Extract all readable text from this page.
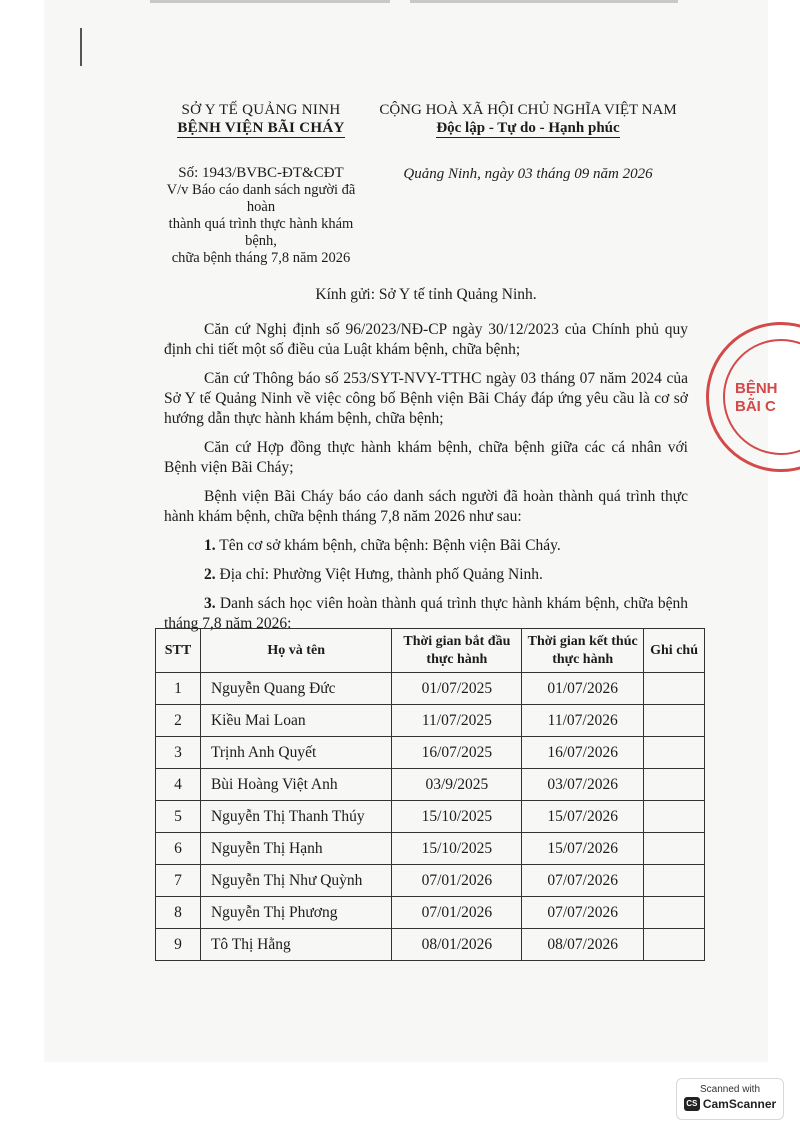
SỞ Y TẾ QUẢNG NINH
BỆNH VIỆN BÃI CHÁY
Số: 1943/BVBC-ĐT&CĐT
V/v Báo cáo danh sách người đã hoàn
thành quá trình thực hành khám bệnh,
chữa bệnh tháng 7,8 năm 2026
CỘNG HOÀ XÃ HỘI CHỦ NGHĨA VIỆT NAM
Độc lập - Tự do - Hạnh phúc
Quảng Ninh, ngày 03 tháng 09 năm 2026
Kính gửi: Sở Y tế tỉnh Quảng Ninh.

Căn cứ Nghị định số 96/2023/NĐ-CP ngày 30/12/2023 của Chính phủ quy định chi tiết một số điều của Luật khám bệnh, chữa bệnh;

Căn cứ Thông báo số 253/SYT-NVY-TTHC ngày 03 tháng 07 năm 2024 của Sở Y tế Quảng Ninh về việc công bố Bệnh viện Bãi Cháy đáp ứng yêu cầu là cơ sở hướng dẫn thực hành khám bệnh, chữa bệnh;

Căn cứ Hợp đồng thực hành khám bệnh, chữa bệnh giữa các cá nhân với Bệnh viện Bãi Cháy;

Bệnh viện Bãi Cháy báo cáo danh sách người đã hoàn thành quá trình thực hành khám bệnh, chữa bệnh tháng 7,8 năm 2026 như sau:

1. Tên cơ sở khám bệnh, chữa bệnh: Bệnh viện Bãi Cháy.

2. Địa chỉ: Phường Việt Hưng, thành phố Quảng Ninh.

3. Danh sách học viên hoàn thành quá trình thực hành khám bệnh, chữa bệnh tháng 7,8 năm 2026:

STT	Họ và tên	Thời gian bắt đầu thực hành	Thời gian kết thúc thực hành	Ghi chú
1	Nguyễn Quang Đức	01/07/2025	01/07/2026	
2	Kiều Mai Loan	11/07/2025	11/07/2026	
3	Trịnh Anh Quyết	16/07/2025	16/07/2026	
4	Bùi Hoàng Việt Anh	03/9/2025	03/07/2026	
5	Nguyễn Thị Thanh Thúy	15/10/2025	15/07/2026	
6	Nguyễn Thị Hạnh	15/10/2025	15/07/2026	
7	Nguyễn Thị Như Quỳnh	07/01/2026	07/07/2026	
8	Nguyễn Thị Phương	07/01/2026	07/07/2026	
9	Tô Thị Hằng	08/01/2026	08/07/2026	
BỆNH
BÃI C
Scanned with
CS CamScanner
